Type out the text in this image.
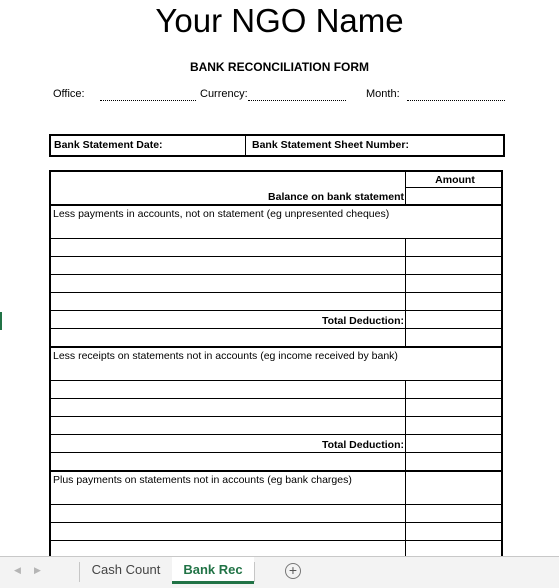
Your NGO Name
BANK RECONCILIATION FORM
Office:	Currency:	Month:
Bank Statement Date:	Bank Statement Sheet Number:
Amount
Balance on bank statement
Less payments in accounts, not on statement (eg unpresented cheques)
Total Deduction:
Less receipts on statements not in accounts (eg income received by bank)
Total Deduction:
Plus payments on statements not in accounts (eg bank charges)
◀ ▶	Cash Count	Bank Rec	+
